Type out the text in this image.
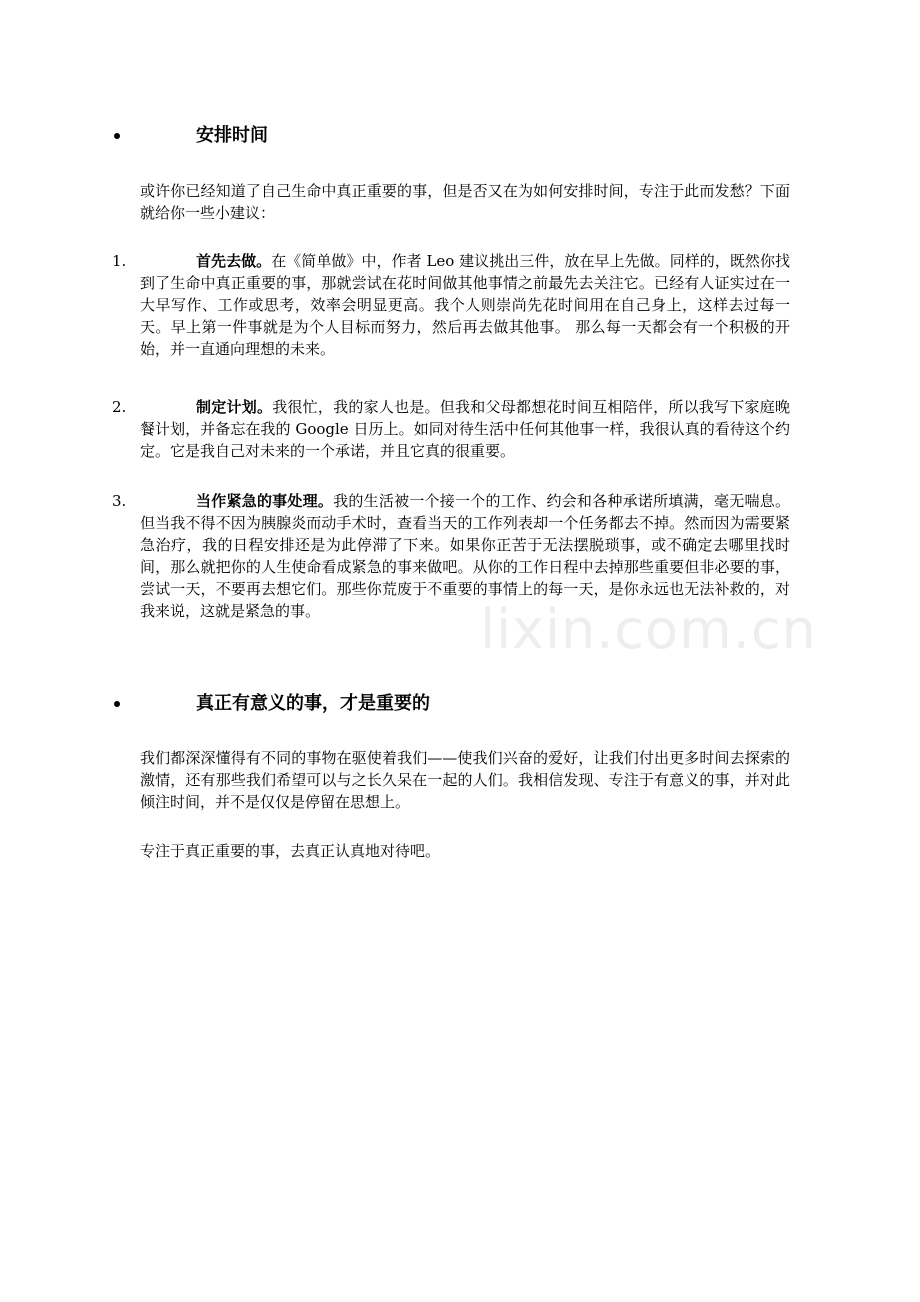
lixin.com.cn
安排时间

或许你已经知道了自己生命中真正重要的事，但是否又在为如何安排时间，专注于此而发愁？下面就给你一些小建议：

1.	首先去做。在《简单做》中，作者 Leo 建议挑出三件，放在早上先做。同样的，既然你找到了生命中真正重要的事，那就尝试在花时间做其他事情之前最先去关注它。已经有人证实过在一大早写作、工作或思考，效率会明显更高。我个人则崇尚先花时间用在自己身上，这样去过每一天。早上第一件事就是为个人目标而努力，然后再去做其他事。 那么每一天都会有一个积极的开始，并一直通向理想的未来。

2.	制定计划。我很忙，我的家人也是。但我和父母都想花时间互相陪伴，所以我写下家庭晚餐计划，并备忘在我的 Google 日历上。如同对待生活中任何其他事一样，我很认真的看待这个约定。它是我自己对未来的一个承诺，并且它真的很重要。

3.	当作紧急的事处理。我的生活被一个接一个的工作、约会和各种承诺所填满，毫无喘息。但当我不得不因为胰腺炎而动手术时，查看当天的工作列表却一个任务都去不掉。然而因为需要紧急治疗，我的日程安排还是为此停滞了下来。如果你正苦于无法摆脱琐事，或不确定去哪里找时间，那么就把你的人生使命看成紧急的事来做吧。从你的工作日程中去掉那些重要但非必要的事，尝试一天，不要再去想它们。那些你荒废于不重要的事情上的每一天，是你永远也无法补救的，对我来说，这就是紧急的事。

真正有意义的事，才是重要的

我们都深深懂得有不同的事物在驱使着我们——使我们兴奋的爱好，让我们付出更多时间去探索的激情，还有那些我们希望可以与之长久呆在一起的人们。我相信发现、专注于有意义的事，并对此倾注时间，并不是仅仅是停留在思想上。

专注于真正重要的事，去真正认真地对待吧。
